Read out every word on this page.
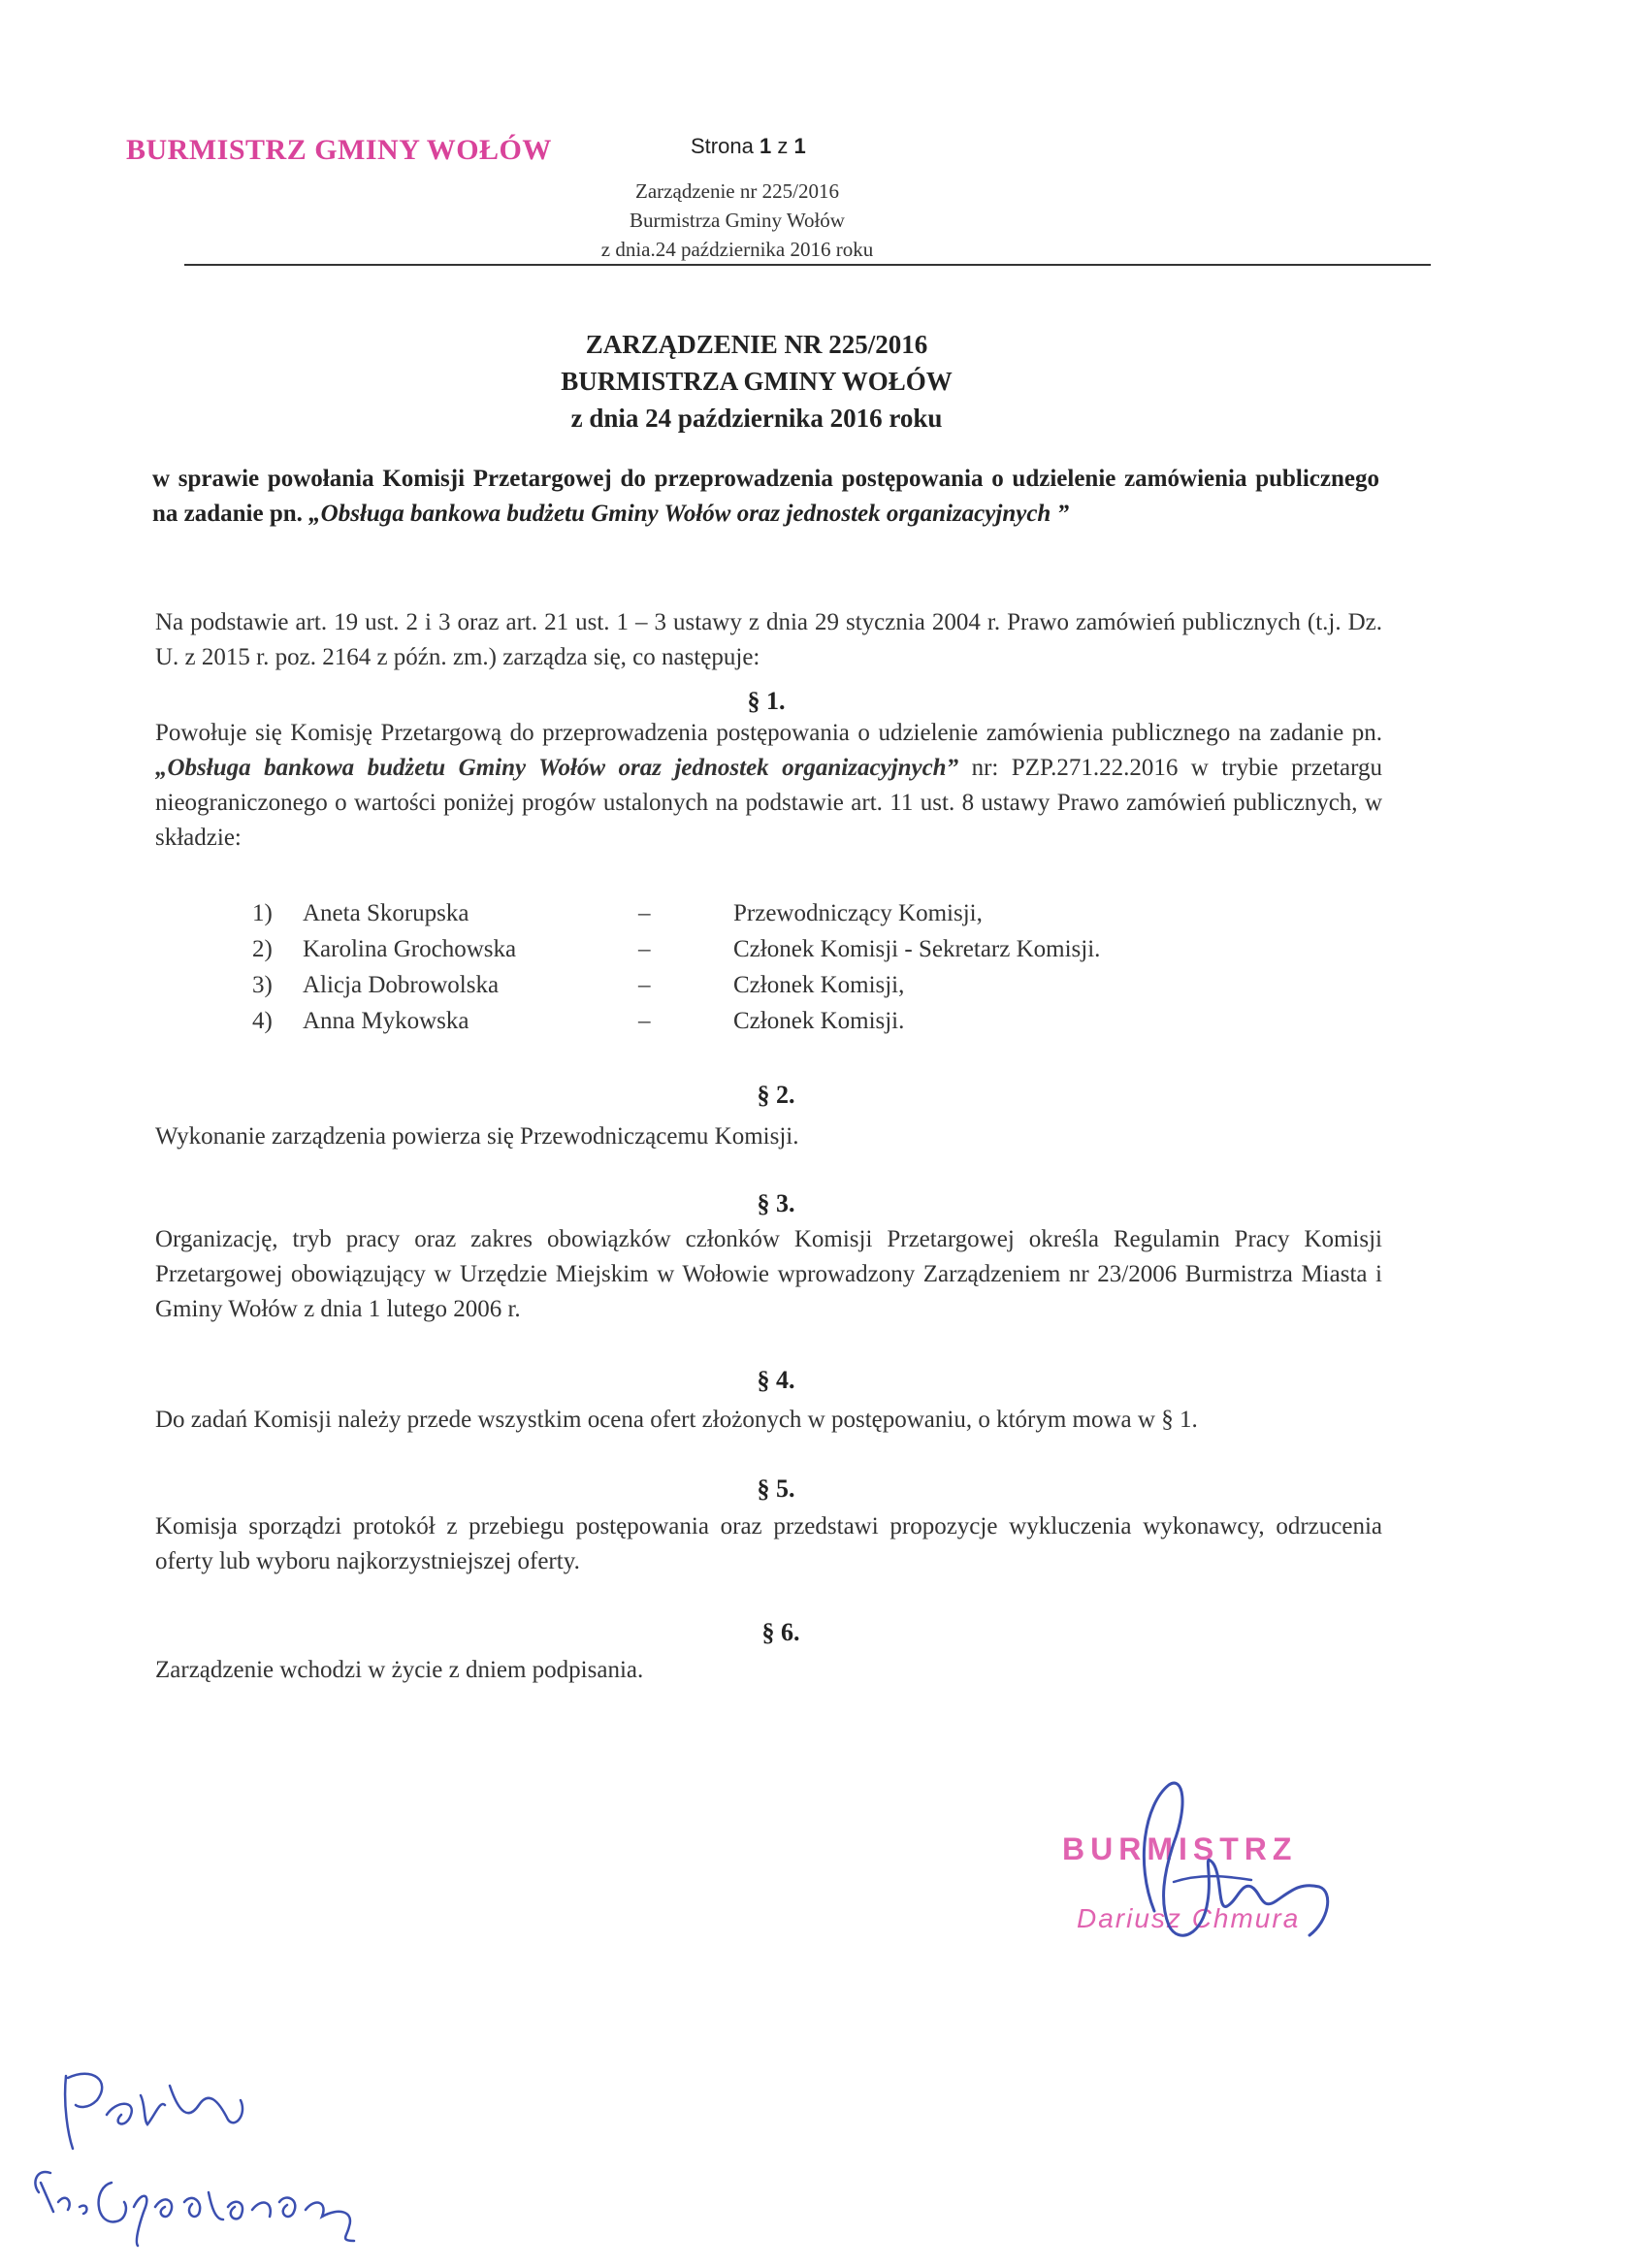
BURMISTRZ GMINY WOŁÓW	Strona 1 z 1
Zarządzenie nr 225/2016
Burmistrza Gminy Wołów
z dnia.24 października 2016 roku
ZARZĄDZENIE NR 225/2016
BURMISTRZA GMINY WOŁÓW
z dnia 24 października 2016 roku
w sprawie powołania Komisji Przetargowej do przeprowadzenia postępowania o udzielenie zamówienia publicznego na zadanie pn. „Obsługa bankowa budżetu Gminy Wołów oraz jednostek organizacyjnych ”
Na podstawie art. 19 ust. 2 i 3 oraz art. 21 ust. 1 – 3 ustawy z dnia 29 stycznia 2004 r. Prawo zamówień publicznych (t.j. Dz. U. z 2015 r. poz. 2164 z późn. zm.) zarządza się, co następuje:
§ 1.
Powołuje się Komisję Przetargową do przeprowadzenia postępowania o udzielenie zamówienia publicznego na zadanie pn. „Obsługa bankowa budżetu Gminy Wołów oraz jednostek organizacyjnych” nr: PZP.271.22.2016 w trybie przetargu nieograniczonego o wartości poniżej progów ustalonych na podstawie art. 11 ust. 8 ustawy Prawo zamówień publicznych, w składzie:
1) Aneta Skorupska	–	Przewodniczący Komisji,
2) Karolina Grochowska	–	Członek Komisji - Sekretarz Komisji.
3) Alicja Dobrowolska	–	Członek Komisji,
4) Anna Mykowska	–	Członek Komisji.
§ 2.
Wykonanie zarządzenia powierza się Przewodniczącemu Komisji.
§ 3.
Organizację, tryb pracy oraz zakres obowiązków członków Komisji Przetargowej określa Regulamin Pracy Komisji Przetargowej obowiązujący w Urzędzie Miejskim w Wołowie wprowadzony Zarządzeniem nr 23/2006 Burmistrza Miasta i Gminy Wołów z dnia 1 lutego 2006 r.
§ 4.
Do zadań Komisji należy przede wszystkim ocena ofert złożonych w postępowaniu, o którym mowa w § 1.
§ 5.
Komisja sporządzi protokół z przebiegu postępowania oraz przedstawi propozycje wykluczenia wykonawcy, odrzucenia oferty lub wyboru najkorzystniejszej oferty.
§ 6.
Zarządzenie wchodzi w życie z dniem podpisania.
BURMISTRZ
Dariusz Chmura
